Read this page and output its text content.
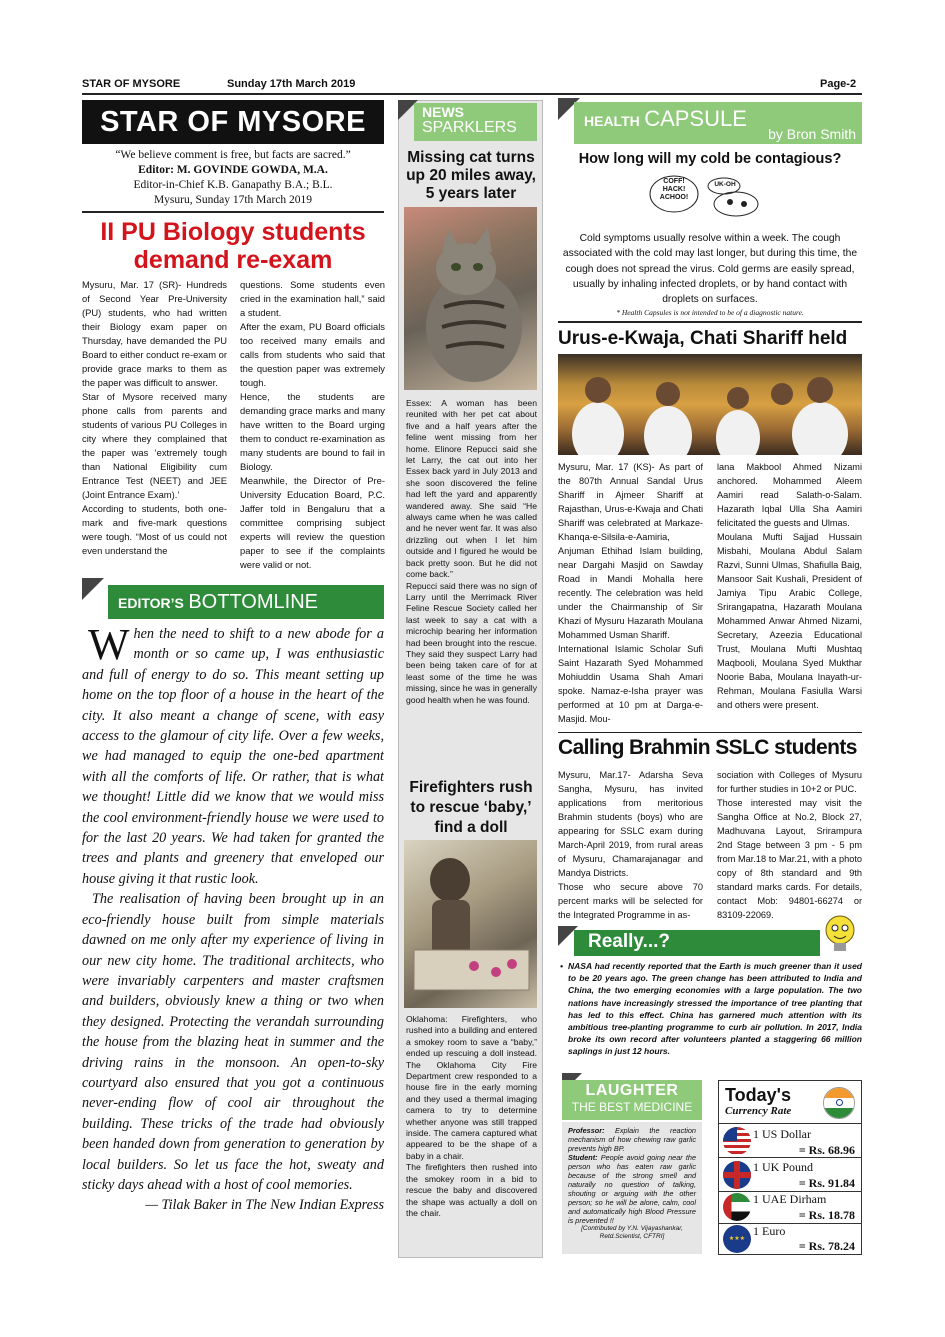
STAR OF MYSORE	Sunday 17th March 2019	Page-2
STAR OF MYSORE
“We believe comment is free, but facts are sacred.”
Editor: M. GOVINDE GOWDA, M.A.
Editor-in-Chief K.B. Ganapathy B.A.; B.L.
Mysuru, Sunday 17th March 2019
II PU Biology students
demand re-exam
Mysuru, Mar. 17 (SR)- Hundreds of Second Year Pre-University (PU) students, who had written their Biology exam paper on Thursday, have demanded the PU Board to either conduct re-exam or provide grace marks to them as the paper was difficult to answer.
Star of Mysore received many phone calls from parents and students of various PU Colleges in city where they complained that the paper was ‘extremely tough than National Eligibility cum Entrance Test (NEET) and JEE (Joint Entrance Exam).’
According to students, both one-mark and five-mark questions were tough. “Most of us could not even understand the
questions. Some students even cried in the examination hall,” said a student.
After the exam, PU Board officials too received many emails and calls from students who said that the question paper was extremely tough.
Hence, the students are demanding grace marks and many have written to the Board urging them to conduct re-examination as many students are bound to fail in Biology.
Meanwhile, the Director of Pre-University Education Board, P.C. Jaffer told in Bengaluru that a committee comprising subject experts will review the question paper to see if the complaints were valid or not.
EDITOR’S BOTTOMLINE
W hen the need to shift to a new abode for a month or so came up, I was enthusiastic and full of energy to do so. This meant setting up home on the top floor of a house in the heart of the city. It also meant a change of scene, with easy access to the glamour of city life. Over a few weeks, we had managed to equip the one-bed apartment with all the comforts of life. Or rather, that is what we thought! Little did we know that we would miss the cool environment-friendly house we were used to for the last 20 years. We had taken for granted the trees and plants and greenery that enveloped our house giving it that rustic look.
The realisation of having been brought up in an eco-friendly house built from simple materials dawned on me only after my experience of living in our new city home. The traditional architects, who were invariably carpenters and master craftsmen and builders, obviously knew a thing or two when they designed. Protecting the verandah surrounding the house from the blazing heat in summer and the driving rains in the monsoon. An open-to-sky courtyard also ensured that you got a continuous never-ending flow of cool air throughout the building. These tricks of the trade had obviously been handed down from generation to generation by local builders. So let us face the hot, sweaty and sticky days ahead with a host of cool memories.
— Tilak Baker in The New Indian Express
NEWS
SPARKLERS
Missing cat turns up 20 miles away, 5 years later
Essex: A woman has been reunited with her pet cat about five and a half years after the feline went missing from her home. Elinore Repucci said she let Larry, the cat out into her Essex back yard in July 2013 and she soon discovered the feline had left the yard and apparently wandered away. She said “He always came when he was called and he never went far. It was also drizzling out when I let him outside and I figured he would be back pretty soon. But he did not come back.”
Repucci said there was no sign of Larry until the Merrimack River Feline Rescue Society called her last week to say a cat with a microchip bearing her information had been brought into the rescue. They said they suspect Larry had been being taken care of for at least some of the time he was missing, since he was in generally good health when he was found.
Firefighters rush to rescue ‘baby,’ find a doll
Oklahoma: Firefighters, who rushed into a building and entered a smokey room to save a “baby,” ended up rescuing a doll instead. The Oklahoma City Fire Department crew responded to a house fire in the early morning and they used a thermal imaging camera to try to determine whether anyone was still trapped inside. The camera captured what appeared to be the shape of a baby in a chair.
The firefighters then rushed into the smokey room in a bid to rescue the baby and discovered the shape was actually a doll on the chair.
HEALTH CAPSULE
by Bron Smith
How long will my cold be contagious?
COFF! HACK! ACHOO!
UK-OH
Cold symptoms usually resolve within a week. The cough associated with the cold may last longer, but during this time, the cough does not spread the virus. Cold germs are easily spread, usually by inhaling infected droplets, or by hand contact with droplets on surfaces.
* Health Capsules is not intended to be of a diagnostic nature.
Urus-e-Kwaja, Chati Shariff held
Mysuru, Mar. 17 (KS)- As part of the 807th Annual Sandal Urus Shariff in Ajmeer Shariff at Rajasthan, Urus-e-Kwaja and Chati Shariff was celebrated at Markaze-Khanqa-e-Silsila-e-Aamiria, Anjuman Ethihad Islam building, near Dargahi Masjid on Sawday Road in Mandi Mohalla here recently. The celebration was held under the Chairmanship of Sir Khazi of Mysuru Hazarath Moulana Mohammed Usman Shariff.
International Islamic Scholar Sufi Saint Hazarath Syed Mohammed Mohiuddin Usama Shah Amari spoke. Namaz-e-Isha prayer was performed at 10 pm at Darga-e-Masjid. Mou-
lana Makbool Ahmed Nizami anchored. Mohammed Aleem Aamiri read Salath-o-Salam. Hazarath Iqbal Ulla Sha Aamiri felicitated the guests and Ulmas.
Moulana Mufti Sajjad Hussain Misbahi, Moulana Abdul Salam Razvi, Sunni Ulmas, Shafiulla Baig, Mansoor Sait Kushali, President of Jamiya Tipu Arabic College, Srirangapatna, Hazarath Moulana Mohammed Anwar Ahmed Nizami, Secretary, Azeezia Educational Trust, Moulana Mufti Mushtaq Maqbooli, Moulana Syed Mukthar Noorie Baba, Moulana Inayath-ur-Rehman, Moulana Fasiulla Warsi and others were present.
Calling Brahmin SSLC students
Mysuru, Mar.17- Adarsha Seva Sangha, Mysuru, has invited applications from meritorious Brahmin students (boys) who are appearing for SSLC exam during March-April 2019, from rural areas of Mysuru, Chamarajanagar and Mandya Districts.
Those who secure above 70 percent marks will be selected for the Integrated Programme in as-
sociation with Colleges of Mysuru for further studies in 10+2 or PUC.
Those interested may visit the Sangha Office at No.2, Block 27, Madhuvana Layout, Srirampura 2nd Stage between 3 pm - 5 pm from Mar.18 to Mar.21, with a photo copy of 8th standard and 9th standard marks cards. For details, contact Mob: 94801-66274 or 83109-22069.
Really...?
• NASA had recently reported that the Earth is much greener than it used to be 20 years ago. The green change has been attributed to India and China, the two emerging economies with a large population. The two nations have increasingly stressed the importance of tree planting that has led to this effect. China has garnered much attention with its ambitious tree-planting programme to curb air pollution. In 2017, India broke its own record after volunteers planted a staggering 66 million saplings in just 12 hours.
LAUGHTER
THE BEST MEDICINE
Professor: Explain the reaction mechanism of how chewing raw garlic prevents high BP.
Student: People avoid going near the person who has eaten raw garlic because of the strong smell and naturally no question of talking, shouting or arguing with the other person; so he will be alone, calm, cool and automatically high Blood Pressure is prevented !!
[Contributed by Y.N. Vijayashankar, Retd.Scientist, CFTRI]
Today's
Currency Rate
1 US Dollar
= Rs. 68.96
1 UK Pound
= Rs. 91.84
1 UAE Dirham
= Rs. 18.78
★★★
1 Euro
= Rs. 78.24
